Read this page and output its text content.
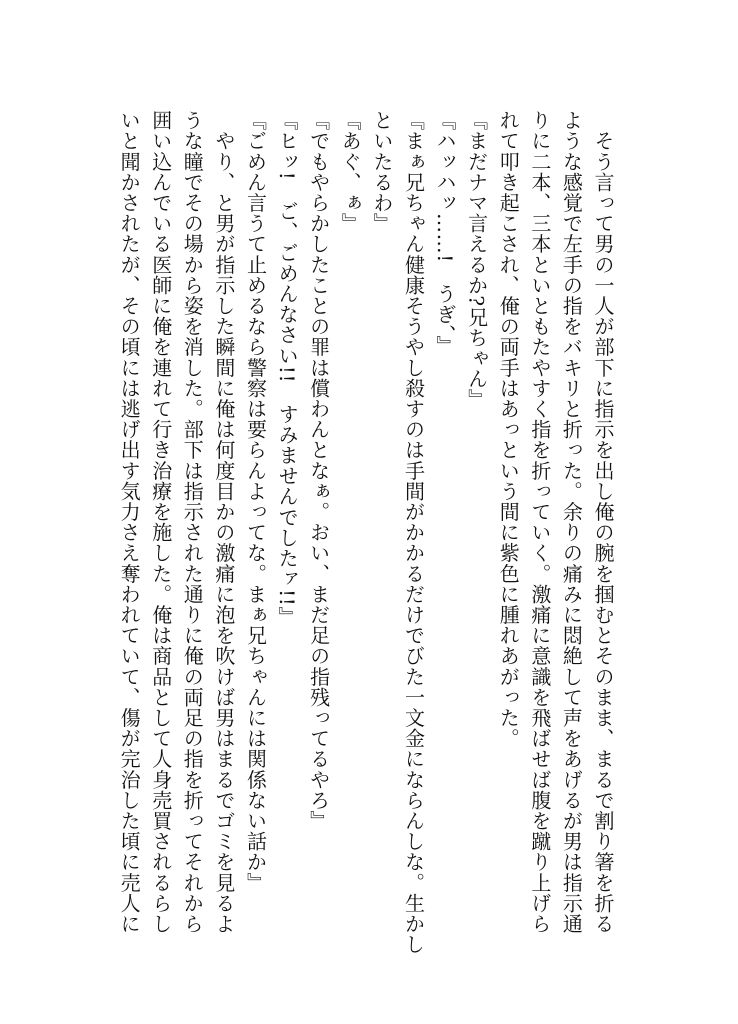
　そう言って男の一人が部下に指示を出し俺の腕を掴むとそのまま、まるで割り箸を折る
ような感覚で左手の指をバキリと折った。余りの痛みに悶絶して声をあげるが男は指示通
りに二本、三本といともたやすく指を折っていく。激痛に意識を飛ばせば腹を蹴り上げら
れて叩き起こされ、俺の両手はあっという間に紫色に腫れあがった。
『まだナマ言えるか?兄ちゃん』
『ハッハッ……!　うぎ、』
『まぁ兄ちゃん健康そうやし殺すのは手間がかかるだけでびた一文金にならんしな。生かし
といたるわ』
『あぐ、ぁ』
『でもやらかしたことの罪は償わんとなぁ。おい、まだ足の指残ってるやろ』
『ヒッ!　ご、ごめんなさい!!　すみませんでしたァ!!』
『ごめん言うて止めるなら警察は要らんよってな。まぁ兄ちゃんには関係ない話か』
　やり、と男が指示した瞬間に俺は何度目かの激痛に泡を吹けば男はまるでゴミを見るよ
うな瞳でその場から姿を消した。部下は指示された通りに俺の両足の指を折ってそれから
囲い込んでいる医師に俺を連れて行き治療を施した。俺は商品として人身売買されるらし
いと聞かされたが、その頃には逃げ出す気力さえ奪われていて、傷が完治した頃に売人に
